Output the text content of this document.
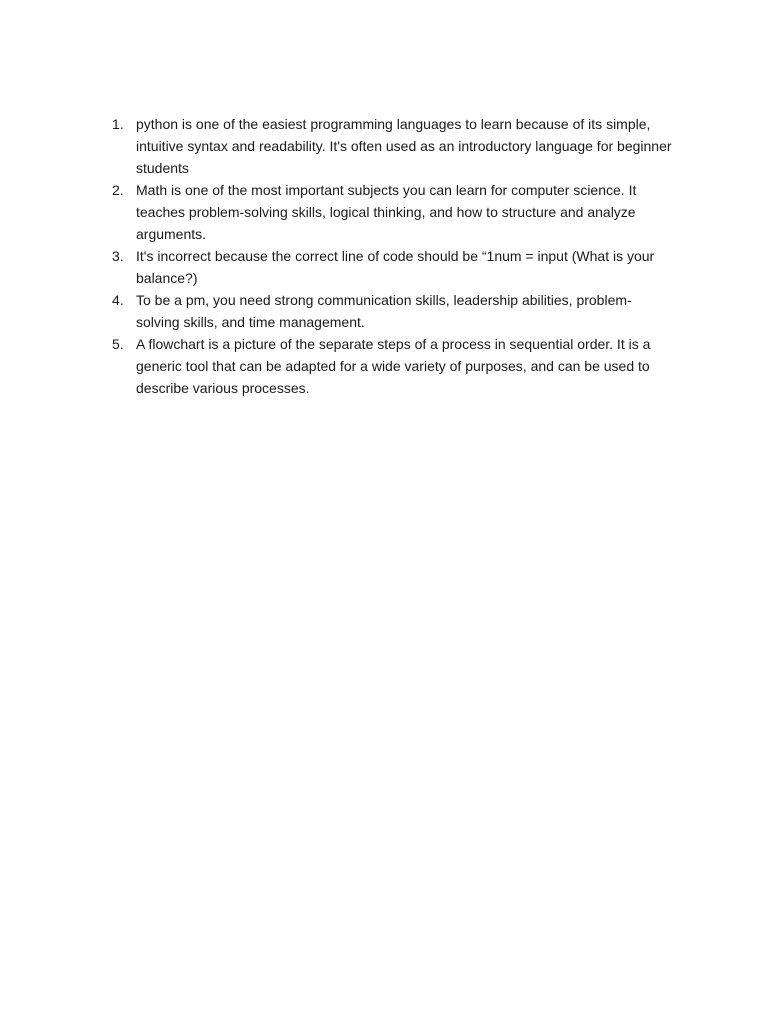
1. python is one of the easiest programming languages to learn because of its simple, intuitive syntax and readability. It's often used as an introductory language for beginner students
2. Math is one of the most important subjects you can learn for computer science. It teaches problem-solving skills, logical thinking, and how to structure and analyze arguments.
3. It's incorrect because the correct line of code should be “1num = input (What is your balance?)
4. To be a pm, you need strong communication skills, leadership abilities, problem-solving skills, and time management.
5. A flowchart is a picture of the separate steps of a process in sequential order. It is a generic tool that can be adapted for a wide variety of purposes, and can be used to describe various processes.
